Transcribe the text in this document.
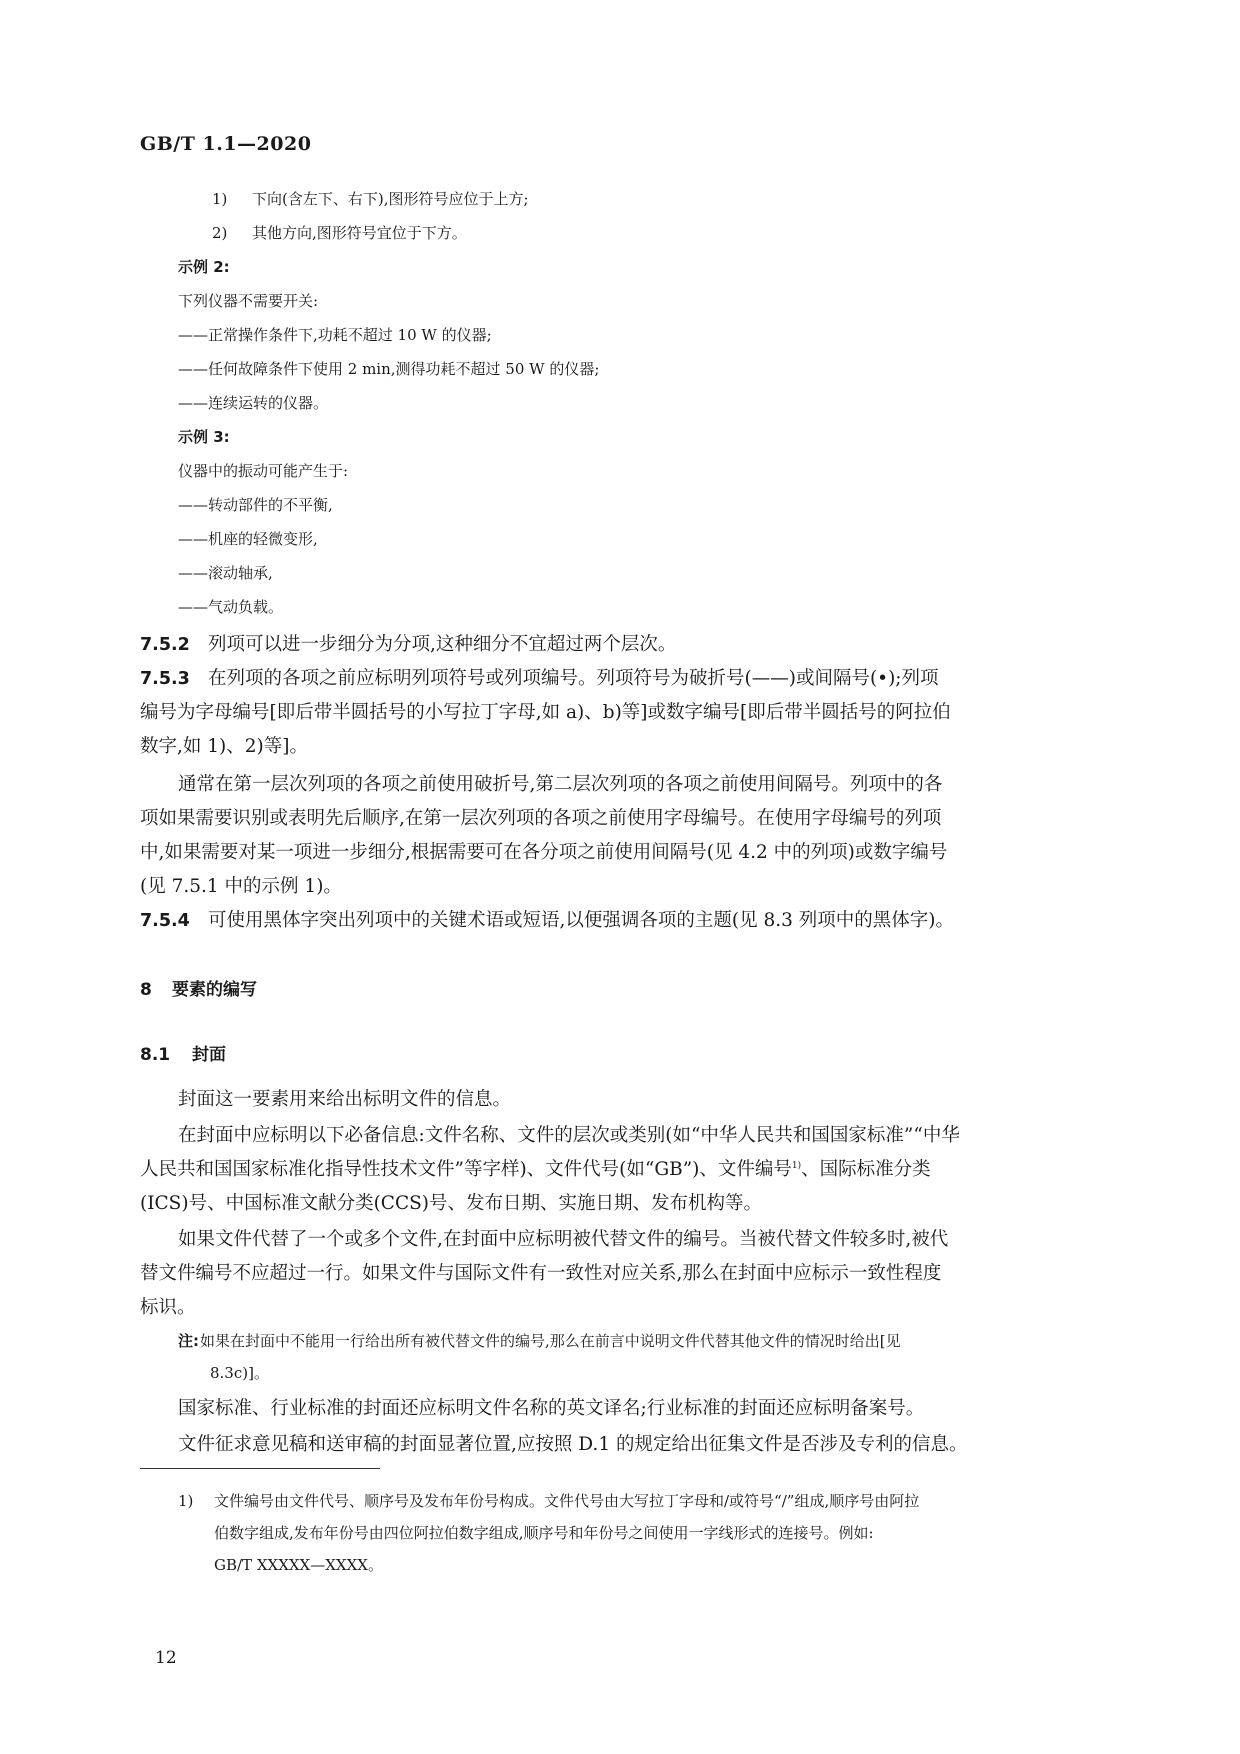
GB/T 1.1—2020
1) 下向(含左下、右下),图形符号应位于上方;
2) 其他方向,图形符号宜位于下方。
示例 2:
下列仪器不需要开关:
——正常操作条件下,功耗不超过 10 W 的仪器;
——任何故障条件下使用 2 min,测得功耗不超过 50 W 的仪器;
——连续运转的仪器。
示例 3:
仪器中的振动可能产生于:
——转动部件的不平衡,
——机座的轻微变形,
——滚动轴承,
——气动负载。
7.5.2 列项可以进一步细分为分项,这种细分不宜超过两个层次。
7.5.3 在列项的各项之前应标明列项符号或列项编号。列项符号为破折号(——)或间隔号(•);列项
编号为字母编号[即后带半圆括号的小写拉丁字母,如 a)、b)等]或数字编号[即后带半圆括号的阿拉伯
数字,如 1)、2)等]。
通常在第一层次列项的各项之前使用破折号,第二层次列项的各项之前使用间隔号。列项中的各
项如果需要识别或表明先后顺序,在第一层次列项的各项之前使用字母编号。在使用字母编号的列项
中,如果需要对某一项进一步细分,根据需要可在各分项之前使用间隔号(见 4.2 中的列项)或数字编号
(见 7.5.1 中的示例 1)。
7.5.4 可使用黑体字突出列项中的关键术语或短语,以便强调各项的主题(见 8.3 列项中的黑体字)。
8 要素的编写
8.1 封面
封面这一要素用来给出标明文件的信息。
在封面中应标明以下必备信息:文件名称、文件的层次或类别(如“中华人民共和国国家标准”“中华
人民共和国国家标准化指导性技术文件”等字样)、文件代号(如“GB”)、文件编号$^{1)}$、国际标准分类
(ICS)号、中国标准文献分类(CCS)号、发布日期、实施日期、发布机构等。
如果文件代替了一个或多个文件,在封面中应标明被代替文件的编号。当被代替文件较多时,被代
替文件编号不应超过一行。如果文件与国际文件有一致性对应关系,那么在封面中应标示一致性程度
标识。
注:如果在封面中不能用一行给出所有被代替文件的编号,那么在前言中说明文件代替其他文件的情况时给出[见
8.3c)]。
国家标准、行业标准的封面还应标明文件名称的英文译名;行业标准的封面还应标明备案号。
文件征求意见稿和送审稿的封面显著位置,应按照 D.1 的规定给出征集文件是否涉及专利的信息。
1) 文件编号由文件代号、顺序号及发布年份号构成。文件代号由大写拉丁字母和/或符号“/”组成,顺序号由阿拉
伯数字组成,发布年份号由四位阿拉伯数字组成,顺序号和年份号之间使用一字线形式的连接号。例如:
GB/T XXXXX—XXXX。
12
